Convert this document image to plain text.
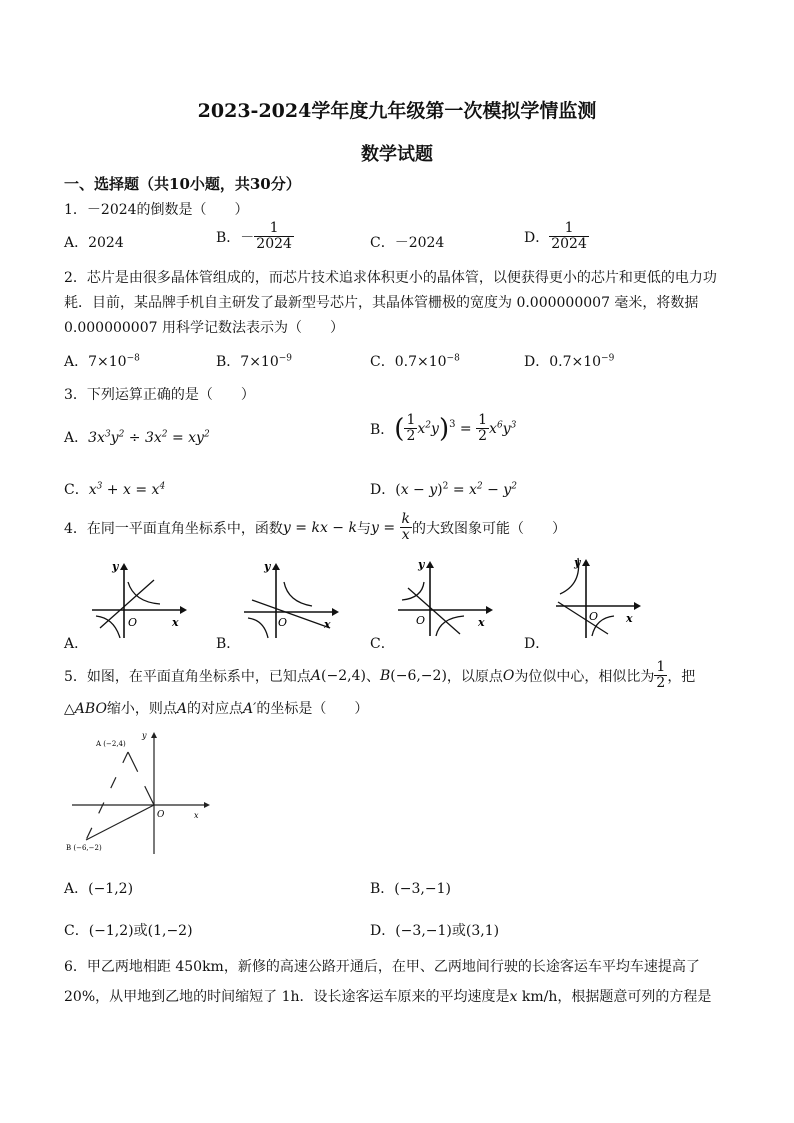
2023-2024学年度九年级第一次模拟学情监测
数学试题
一、选择题（共10小题，共30分）
1．－2024的倒数是（　　）
A．2024	B．－ $\frac{1}{2024}$	C．－2024	D． $\frac{1}{2024}$
2．芯片是由很多晶体管组成的，而芯片技术追求体积更小的晶体管，以便获得更小的芯片和更低的电力功
耗．目前，某品牌手机自主研发了最新型号芯片，其晶体管栅极的宽度为 0.000000007 毫米，将数据
0.000000007 用科学记数法表示为（　　）
A．$7\times 10^{-8}$	B．$7\times 10^{-9}$	C．$0.7\times 10^{-8}$	D．$0.7\times 10^{-9}$
3．下列运算正确的是（　　）
A．$3x^3y^2 \div 3x^2 = xy^2$	B．( $\frac{1}{2} x^2y)^3 = \frac{1}{2} x^6y^3$
C．$x^3 + x = x^4$	D．$(x - y)^2 = x^2 - y^2$
4．在同一平面直角坐标系中，函数y = kx − k与$y = \frac{k}{x}$ 的大致图象可能（　　）
y
x
O
A．
y
x
O
B．
y
x
O
C．
y
x
O
D．
5．如图，在平面直角坐标系中，已知点A(−2,4)、B(−6,−2)，以原点O为位似中心，相似比为 $\frac{1}{2}$ ，把
△ABO缩小，则点A的对应点A′的坐标是（　　）
y
x
O
A (−2,4)
B (−6,−2)
A．(−1,2)	B．(−3,−1)
C．(−1,2)或(1,−2)	D．(−3,−1)或(3,1)
6．甲乙两地相距 450km，新修的高速公路开通后，在甲、乙两地间行驶的长途客运车平均车速提高了
20%，从甲地到乙地的时间缩短了 1h．设长途客运车原来的平均速度是x km/h，根据题意可列的方程是
